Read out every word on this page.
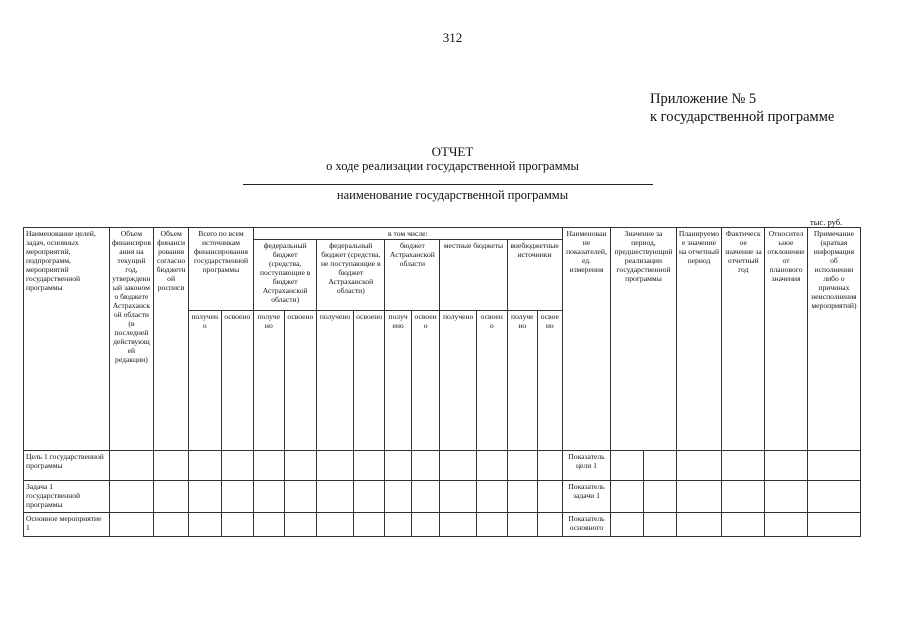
312
Приложение № 5
к государственной программе
ОТЧЕТ
о ходе реализации государственной программы
наименование государственной программы
тыс. руб.
Наименование целей, задач, основных мероприятий, подпрограмм, мероприятий государственной программы	Объем финансирования на текущий год, утвержденный законом о бюджете Астраханской области (в последней действующей редакции)	Объем финансирования согласно бюджетной росписи	Всего по всем источникам финансирования государственной программы		в том числе:										Наименование показателей, ед. измерения	Значение за период, предшествующий реализации государственной программы		Планируемое значение на отчетный период	Фактическое значение за отчетный год	Относительное отклонение от планового значения	Примечание (краткая информация об исполнении либо о причинах неисполнения мероприятий)
					федеральный бюджет (средства, поступающие в бюджет Астраханской области)		федеральный бюджет (средства, не поступающие в бюджет Астраханской области)		бюджет Астраханской области		местные бюджеты		внебюджетные источники								
			получено	освоено	получено	освоено	получено	освоено	получено	освоено	получено	освоено	получено	освоено							
Цель 1 государственной программы															Показатель цели 1						
Задача 1 государственной программы															Показатель задачи 1						
Основное мероприятие 1															Показатель основного						
